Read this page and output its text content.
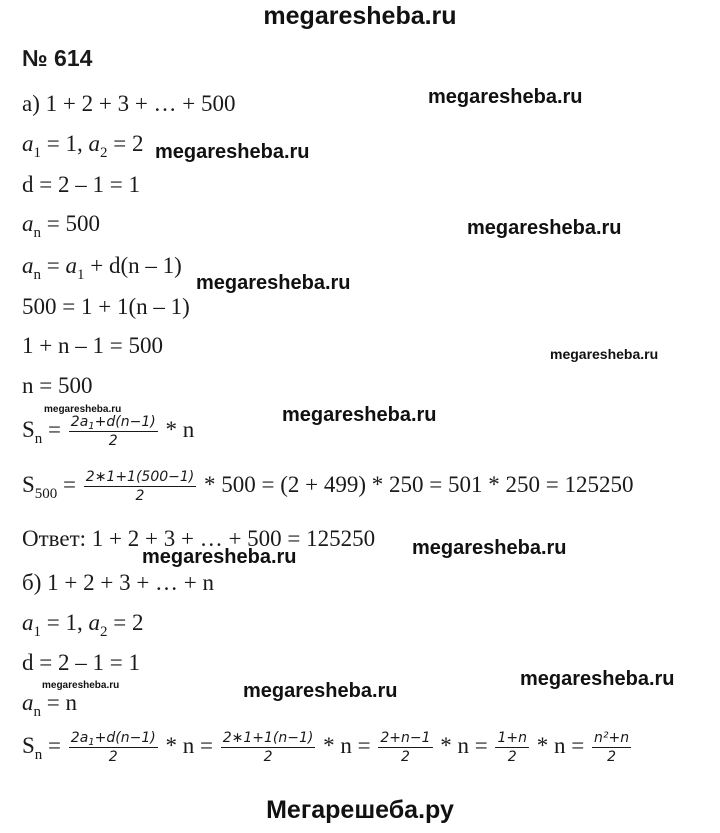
megaresheba.ru
№ 614
а) 1 + 2 + 3 + … + 500
$a_1 = 1$, $a_2 = 2$
d = 2 – 1 = 1
$a_n = 500$
$a_n = a_1 + d(n - 1)$
500 = 1 + 1(n – 1)
1 + n – 1 = 500
n = 500
$S_n = \frac{2a_1+d(n-1)}{2} * n$
$S_{500} = \frac{2∗1+1(500-1)}{2} * 500 = (2 + 499) * 250 = 501 * 250 = 125250$
Ответ: 1 + 2 + 3 + … + 500 = 125250
б) 1 + 2 + 3 + … + n
$a_1 = 1$, $a_2 = 2$
d = 2 – 1 = 1
$a_n = n$
$S_n = \frac{2a_1+d(n-1)}{2} * n = \frac{2∗1+1(n-1)}{2} * n = \frac{2+n-1}{2} * n = \frac{1+n}{2} * n = \frac{\text{n²+n}}{2}$
megaresheba.ru
megaresheba.ru
megaresheba.ru
megaresheba.ru
megaresheba.ru
megaresheba.ru	megaresheba.ru
megaresheba.ru	megaresheba.ru
megaresheba.ru	megaresheba.ru
megaresheba.ru
Мегарешеба.ру
